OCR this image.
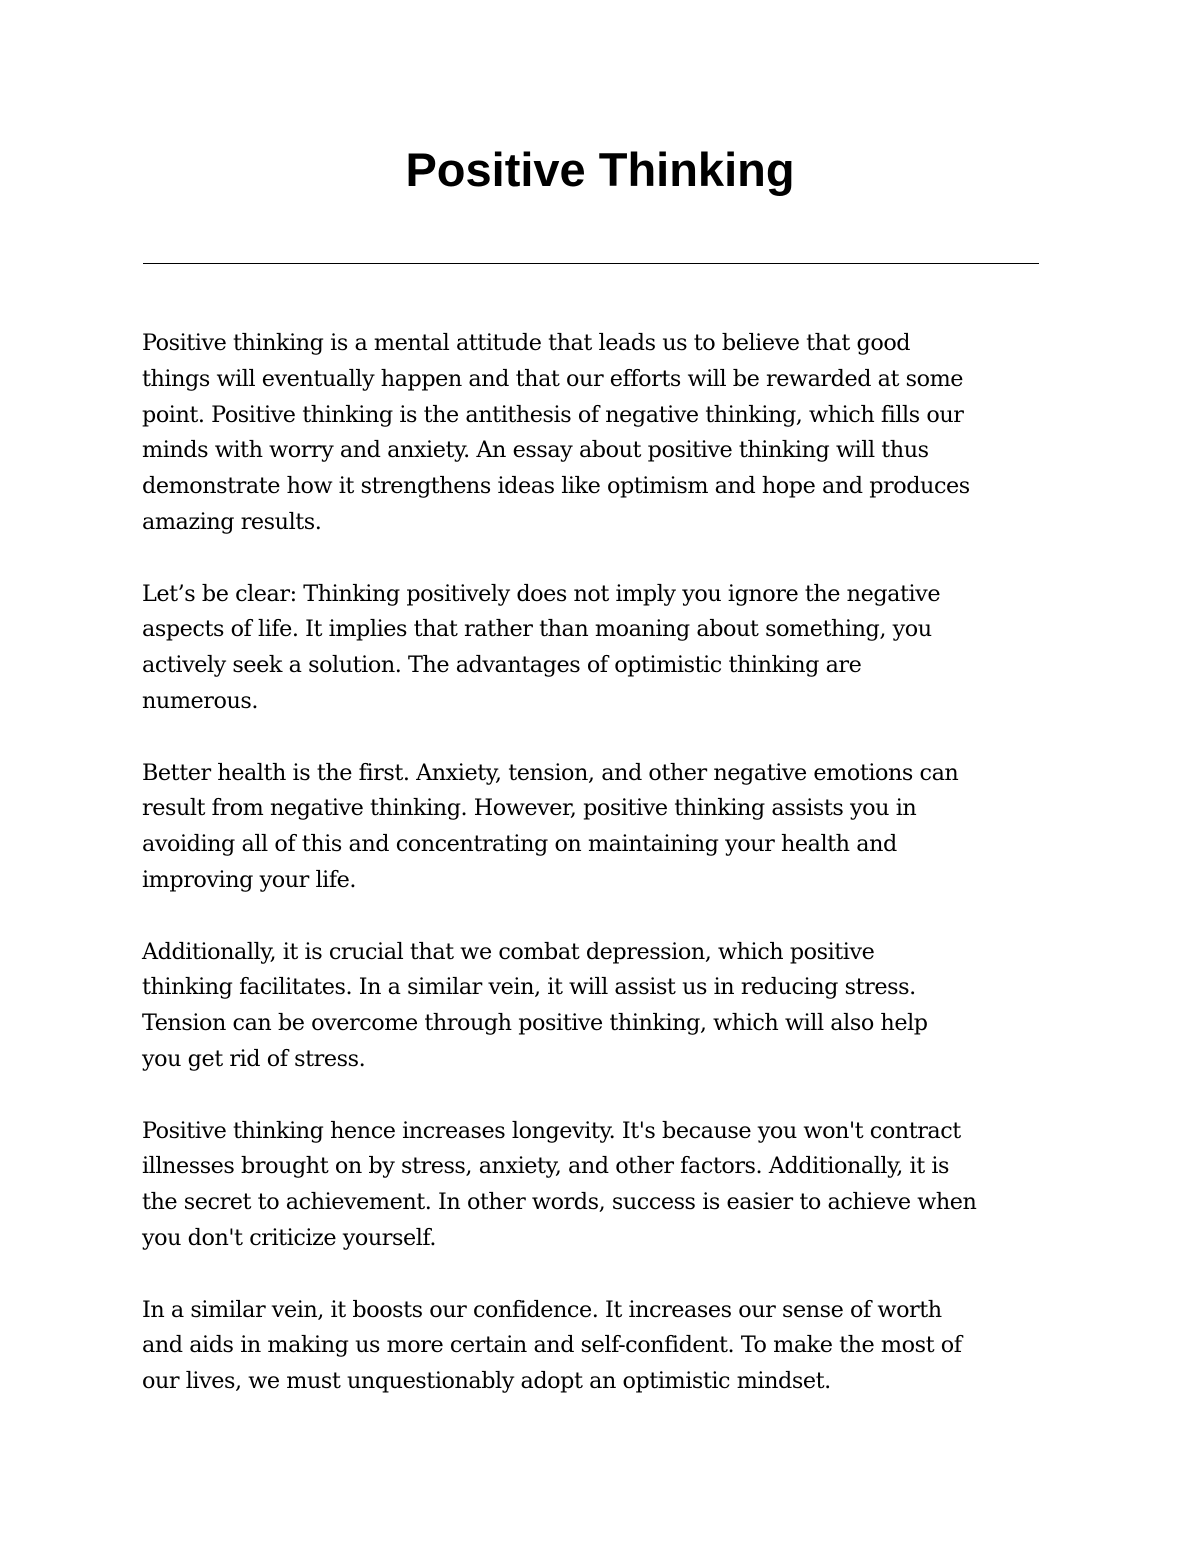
Positive Thinking

Positive thinking is a mental attitude that leads us to believe that good
things will eventually happen and that our efforts will be rewarded at some
point. Positive thinking is the antithesis of negative thinking, which fills our
minds with worry and anxiety. An essay about positive thinking will thus
demonstrate how it strengthens ideas like optimism and hope and produces
amazing results.

Let’s be clear: Thinking positively does not imply you ignore the negative
aspects of life. It implies that rather than moaning about something, you
actively seek a solution. The advantages of optimistic thinking are
numerous.

Better health is the first. Anxiety, tension, and other negative emotions can
result from negative thinking. However, positive thinking assists you in
avoiding all of this and concentrating on maintaining your health and
improving your life.

Additionally, it is crucial that we combat depression, which positive
thinking facilitates. In a similar vein, it will assist us in reducing stress.
Tension can be overcome through positive thinking, which will also help
you get rid of stress.

Positive thinking hence increases longevity. It's because you won't contract
illnesses brought on by stress, anxiety, and other factors. Additionally, it is
the secret to achievement. In other words, success is easier to achieve when
you don't criticize yourself.

In a similar vein, it boosts our confidence. It increases our sense of worth
and aids in making us more certain and self-confident. To make the most of
our lives, we must unquestionably adopt an optimistic mindset.
